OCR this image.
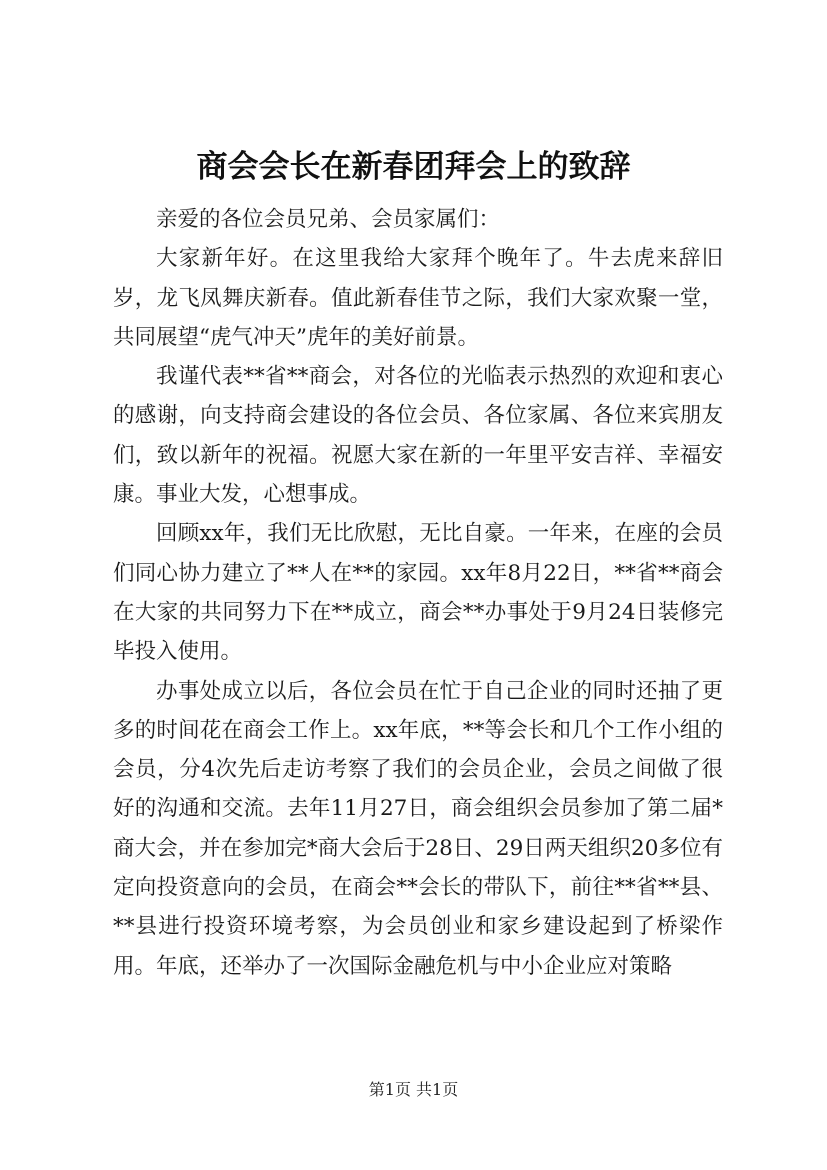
商会会长在新春团拜会上的致辞

亲爱的各位会员兄弟、会员家属们：

大家新年好。在这里我给大家拜个晚年了。牛去虎来辞旧岁，龙飞凤舞庆新春。值此新春佳节之际，我们大家欢聚一堂，共同展望“虎气冲天”虎年的美好前景。

我谨代表**省**商会，对各位的光临表示热烈的欢迎和衷心的感谢，向支持商会建设的各位会员、各位家属、各位来宾朋友们，致以新年的祝福。祝愿大家在新的一年里平安吉祥、幸福安康。事业大发，心想事成。

回顾xx年，我们无比欣慰，无比自豪。一年来，在座的会员们同心协力建立了**人在**的家园。xx年8月22日，**省**商会在大家的共同努力下在**成立，商会**办事处于9月24日装修完毕投入使用。

办事处成立以后，各位会员在忙于自己企业的同时还抽了更多的时间花在商会工作上。xx年底，**等会长和几个工作小组的会员，分4次先后走访考察了我们的会员企业，会员之间做了很好的沟通和交流。去年11月27日，商会组织会员参加了第二届*商大会，并在参加完*商大会后于28日、29日两天组织20多位有定向投资意向的会员，在商会**会长的带队下，前往**省**县、**县进行投资环境考察，为会员创业和家乡建设起到了桥梁作用。年底，还举办了一次国际金融危机与中小企业应对策略

第1页 共1页
